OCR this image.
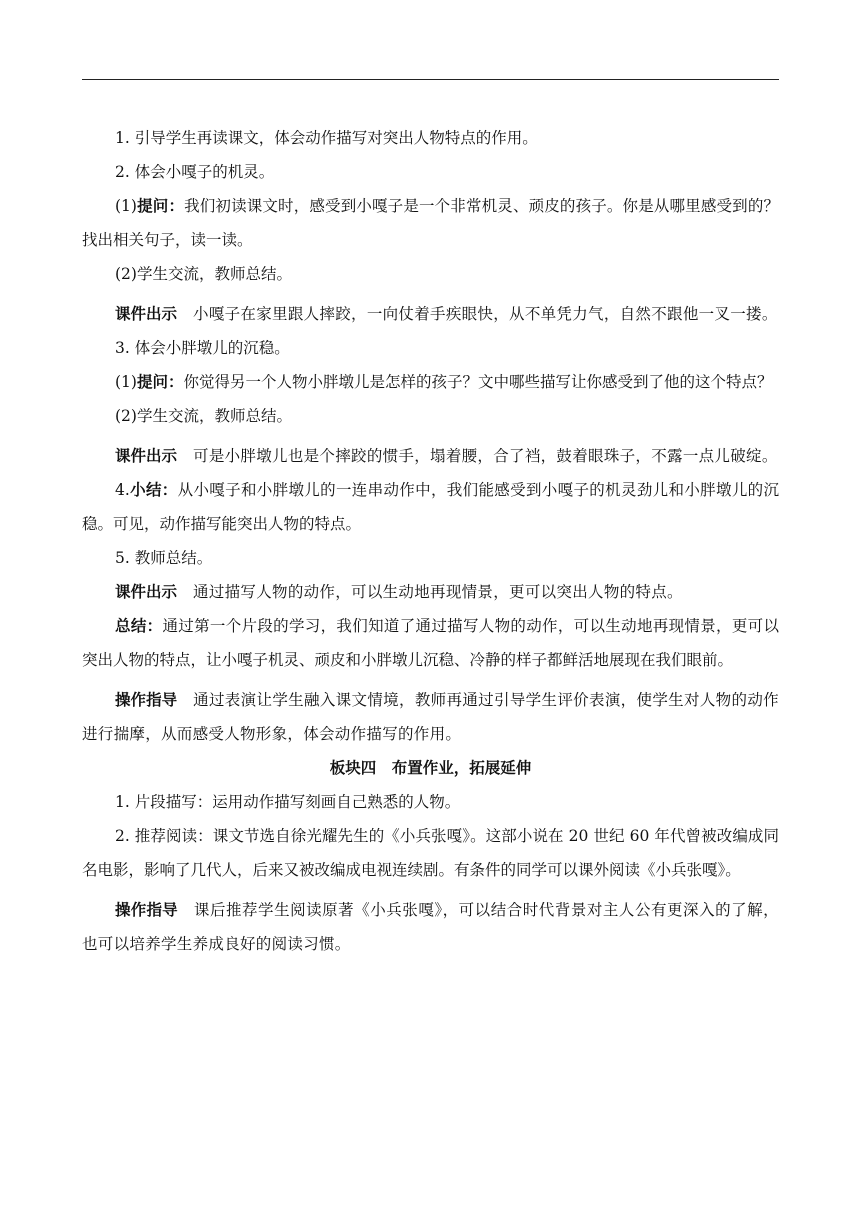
1. 引导学生再读课文，体会动作描写对突出人物特点的作用。
2. 体会小嘎子的机灵。
(1)提问：我们初读课文时，感受到小嘎子是一个非常机灵、顽皮的孩子。你是从哪里感受到的？找出相关句子，读一读。
(2)学生交流，教师总结。
课件出示 小嘎子在家里跟人摔跤，一向仗着手疾眼快，从不单凭力气，自然不跟他一叉一搂。
3. 体会小胖墩儿的沉稳。
(1)提问：你觉得另一个人物小胖墩儿是怎样的孩子？文中哪些描写让你感受到了他的这个特点？
(2)学生交流，教师总结。
课件出示 可是小胖墩儿也是个摔跤的惯手，塌着腰，合了裆，鼓着眼珠子，不露一点儿破绽。
4.小结：从小嘎子和小胖墩儿的一连串动作中，我们能感受到小嘎子的机灵劲儿和小胖墩儿的沉稳。可见，动作描写能突出人物的特点。
5. 教师总结。
课件出示 通过描写人物的动作，可以生动地再现情景，更可以突出人物的特点。
总结：通过第一个片段的学习，我们知道了通过描写人物的动作，可以生动地再现情景，更可以突出人物的特点，让小嘎子机灵、顽皮和小胖墩儿沉稳、冷静的样子都鲜活地展现在我们眼前。
操作指导 通过表演让学生融入课文情境，教师再通过引导学生评价表演，使学生对人物的动作进行揣摩，从而感受人物形象，体会动作描写的作用。
板块四　布置作业，拓展延伸
1. 片段描写：运用动作描写刻画自己熟悉的人物。
2. 推荐阅读：课文节选自徐光耀先生的《小兵张嘎》。这部小说在 20 世纪 60 年代曾被改编成同名电影，影响了几代人，后来又被改编成电视连续剧。有条件的同学可以课外阅读《小兵张嘎》。
操作指导 课后推荐学生阅读原著《小兵张嘎》，可以结合时代背景对主人公有更深入的了解，也可以培养学生养成良好的阅读习惯。
